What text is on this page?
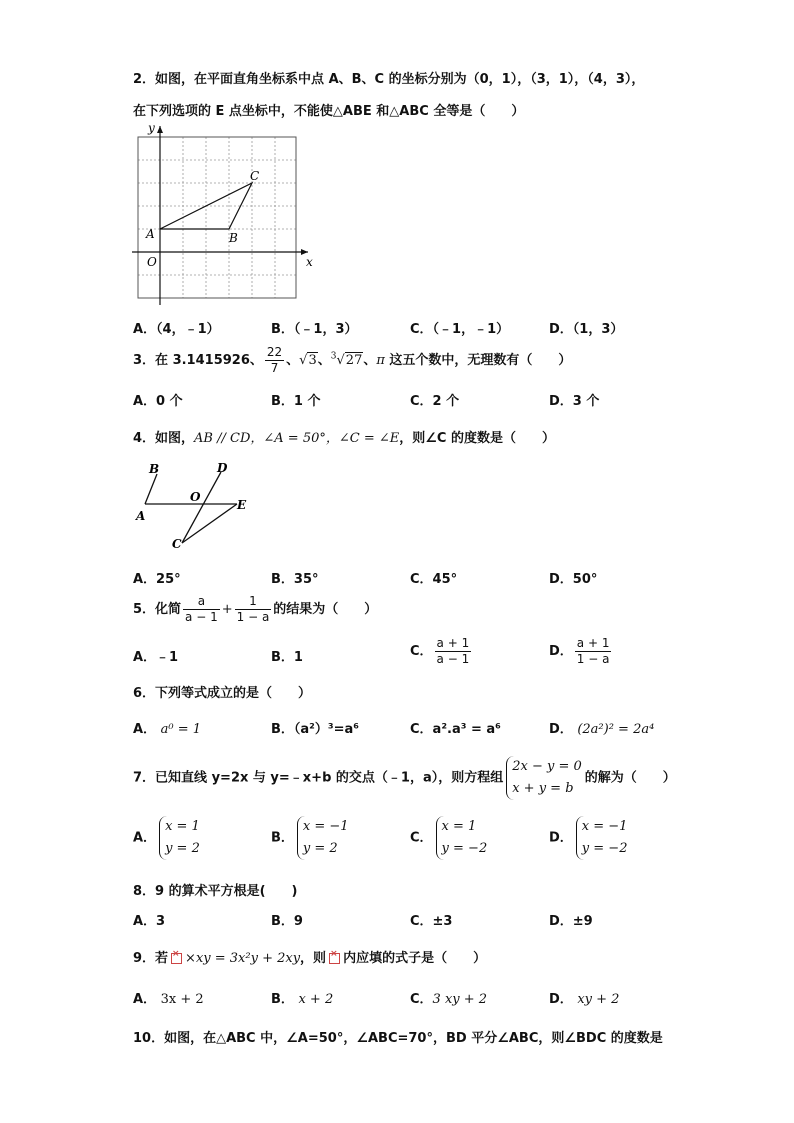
2．如图，在平面直角坐标系中点 A、B、C 的坐标分别为（0，1），（3，1），（4，3），
在下列选项的 E 点坐标中，不能使△ABE 和△ABC 全等是（　　）
y
x
O
A	B
C
A．（4，﹣1）	B．（﹣1，3）	C．（﹣1，﹣1）	D．（1，3）
3．在 3.1415926、 $\frac{22}{7}$ 、√3、$^3$√27、π 这五个数中，无理数有（　　）
A．0 个	B．1 个	C．2 个	D．3 个
4．如图，AB // CD，∠A = 50°，∠C = ∠E，则∠C 的度数是（　　）
B	D
O
E
A
C
A．25°	B．35°	C．45°	D．50°
5．化简 $\frac{a}{a - 1} + \frac{1}{1 - a}$ 的结果为（　　）
A．﹣1	B．1	C． $\frac{a + 1}{a - 1}$	D． $\frac{a + 1}{1 - a}$
6．下列等式成立的是（　　）
A． a⁰ = 1	B．（a²）³=a⁶	C．a².a³ = a⁶	D． (2a²)² = 2a⁴
7．已知直线 y=2x 与 y=﹣x+b 的交点（﹣1，a），则方程组
2x − y = 0
x + y = b
的解为（　　）
A．
x = 1
y = 2
B．
x = −1
y = 2
C．
x = 1
y = −2
D．
x = −1
y = −2
8．9 的算术平方根是(　　)
A．3	B．9	C．±3	D．±9
9．若 × ×xy = 3x²y + 2xy，则 × 内应填的式子是（　　）
A． 3x + 2	B． x + 2	C．3 xy + 2	D． xy + 2
10．如图，在△ABC 中，∠A=50°，∠ABC=70°，BD 平分∠ABC，则∠BDC 的度数是
